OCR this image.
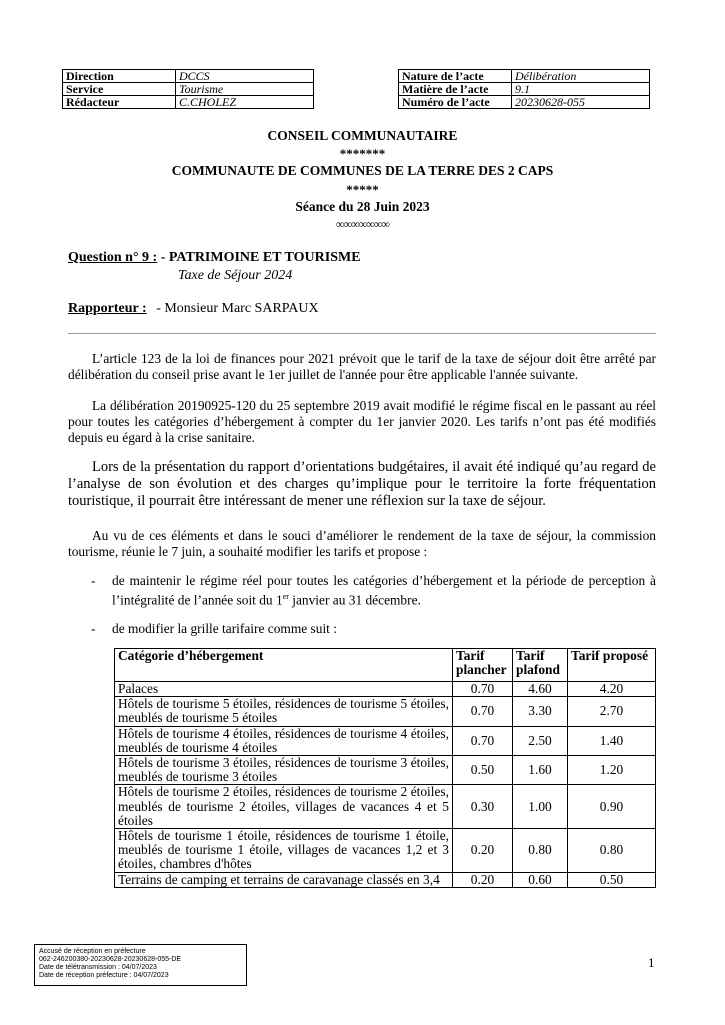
Direction	DCCS
Service	Tourisme
Rédacteur	C.CHOLEZ
Nature de l’acte	Délibération
Matière de l’acte	9.1
Numéro de l’acte	20230628-055
CONSEIL COMMUNAUTAIRE
*******
COMMUNAUTE DE COMMUNES DE LA TERRE DES 2 CAPS
*****
Séance du 28 Juin 2023
∞∞∞∞∞∞∞
Question n° 9 : - PATRIMOINE ET TOURISME
Taxe de Séjour 2024
Rapporteur : - Monsieur Marc SARPAUX
L’article 123 de la loi de finances pour 2021 prévoit que le tarif de la taxe de séjour doit être arrêté par délibération du conseil prise avant le 1er juillet de l'année pour être applicable l'année suivante.
La délibération 20190925-120 du 25 septembre 2019 avait modifié le régime fiscal en le passant au réel pour toutes les catégories d’hébergement à compter du 1er janvier 2020. Les tarifs n’ont pas été modifiés depuis eu égard à la crise sanitaire.
Lors de la présentation du rapport d’orientations budgétaires, il avait été indiqué qu’au regard de l’analyse de son évolution et des charges qu’implique pour le territoire la forte fréquentation touristique, il pourrait être intéressant de mener une réflexion sur la taxe de séjour.
Au vu de ces éléments et dans le souci d’améliorer le rendement de la taxe de séjour, la commission tourisme, réunie le 7 juin, a souhaité modifier les tarifs et propose :
- de maintenir le régime réel pour toutes les catégories d’hébergement et la période de perception à l’intégralité de l’année soit du 1er janvier au 31 décembre.
- de modifier la grille tarifaire comme suit :
Catégorie d’hébergement	Tarif plancher	Tarif plafond	Tarif proposé
Palaces	0.70	4.60	4.20
Hôtels de tourisme 5 étoiles, résidences de tourisme 5 étoiles, meublés de tourisme 5 étoiles	0.70	3.30	2.70
Hôtels de tourisme 4 étoiles, résidences de tourisme 4 étoiles, meublés de tourisme 4 étoiles	0.70	2.50	1.40
Hôtels de tourisme 3 étoiles, résidences de tourisme 3 étoiles, meublés de tourisme 3 étoiles	0.50	1.60	1.20
Hôtels de tourisme 2 étoiles, résidences de tourisme 2 étoiles, meublés de tourisme 2 étoiles, villages de vacances 4 et 5 étoiles	0.30	1.00	0.90
Hôtels de tourisme 1 étoile, résidences de tourisme 1 étoile, meublés de tourisme 1 étoile, villages de vacances 1,2 et 3 étoiles, chambres d'hôtes	0.20	0.80	0.80
Terrains de camping et terrains de caravanage classés en 3,4	0.20	0.60	0.50
Accusé de réception en préfecture
062-246200380-20230628-20230628-055-DE
Date de télétransmission : 04/07/2023
Date de réception préfecture : 04/07/2023
1
